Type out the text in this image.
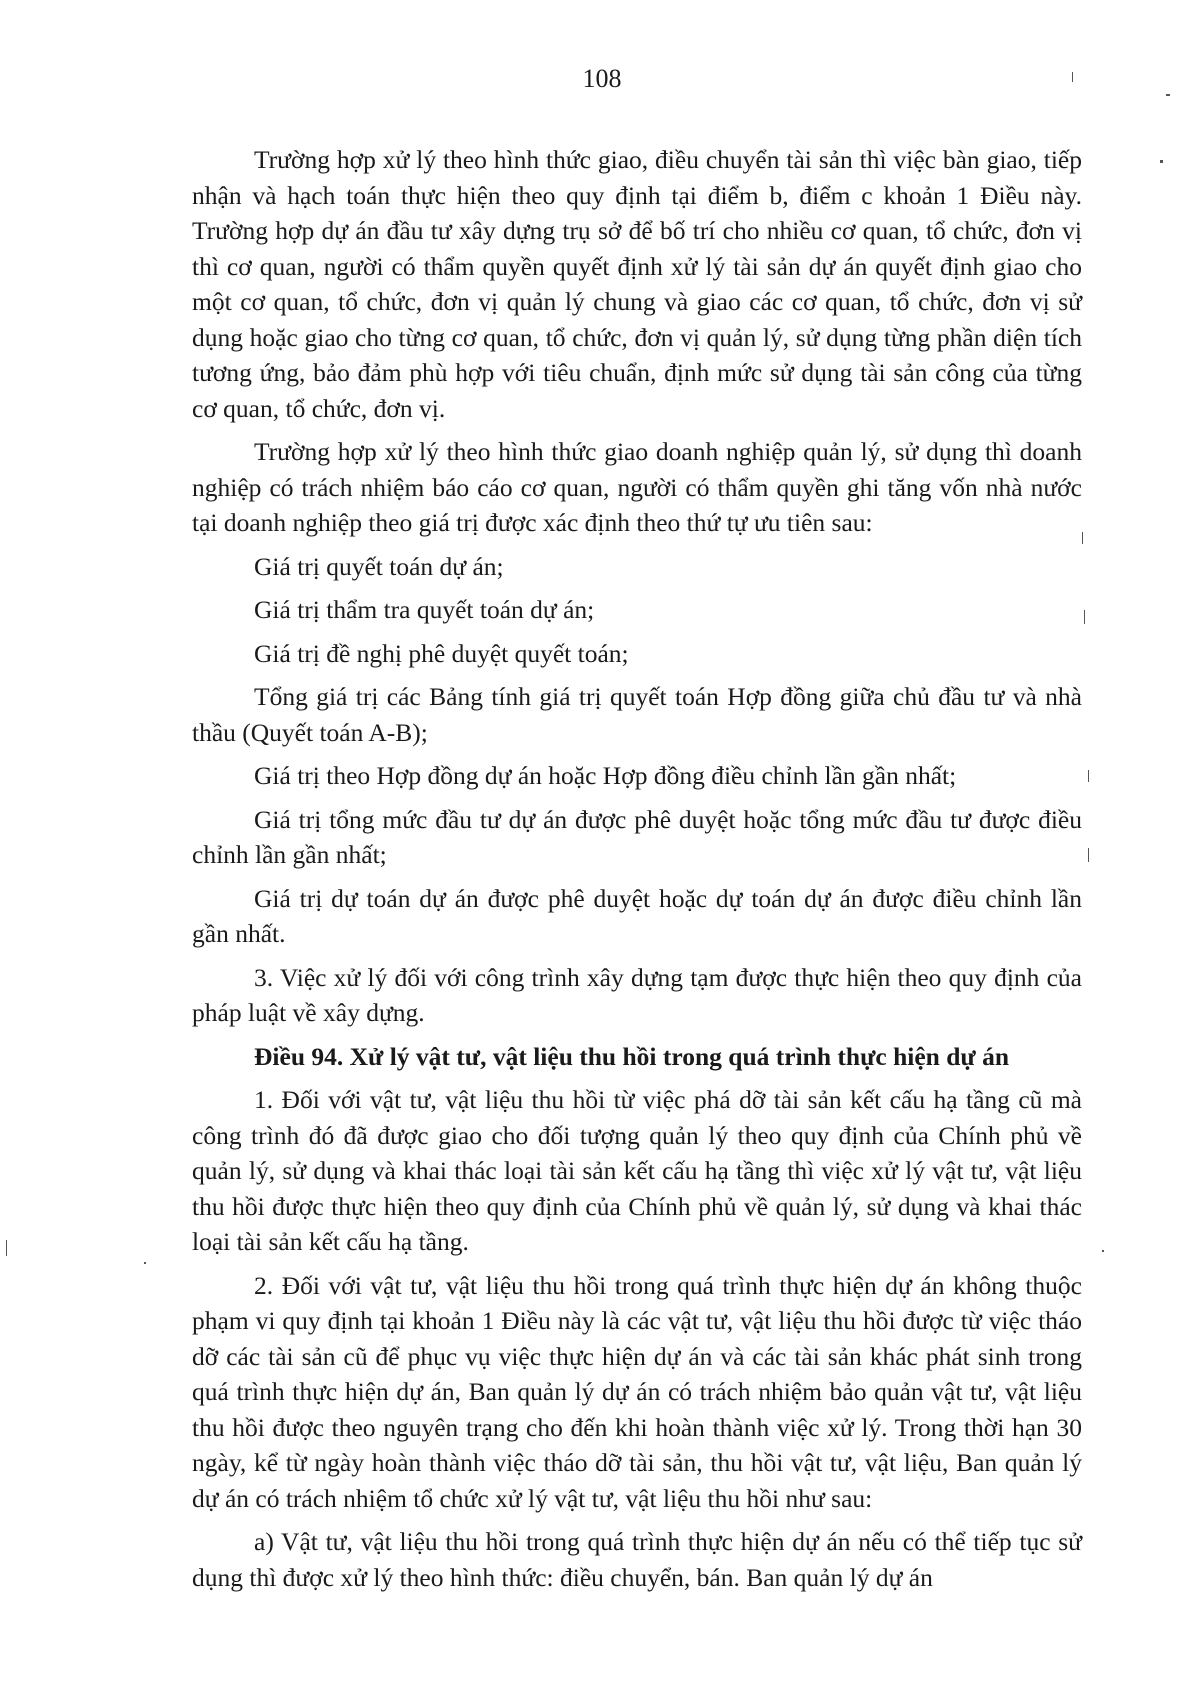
108

Trường hợp xử lý theo hình thức giao, điều chuyển tài sản thì việc bàn giao, tiếp nhận và hạch toán thực hiện theo quy định tại điểm b, điểm c khoản 1 Điều này. Trường hợp dự án đầu tư xây dựng trụ sở để bố trí cho nhiều cơ quan, tổ chức, đơn vị thì cơ quan, người có thẩm quyền quyết định xử lý tài sản dự án quyết định giao cho một cơ quan, tổ chức, đơn vị quản lý chung và giao các cơ quan, tổ chức, đơn vị sử dụng hoặc giao cho từng cơ quan, tổ chức, đơn vị quản lý, sử dụng từng phần diện tích tương ứng, bảo đảm phù hợp với tiêu chuẩn, định mức sử dụng tài sản công của từng cơ quan, tổ chức, đơn vị.

Trường hợp xử lý theo hình thức giao doanh nghiệp quản lý, sử dụng thì doanh nghiệp có trách nhiệm báo cáo cơ quan, người có thẩm quyền ghi tăng vốn nhà nước tại doanh nghiệp theo giá trị được xác định theo thứ tự ưu tiên sau:

Giá trị quyết toán dự án;

Giá trị thẩm tra quyết toán dự án;

Giá trị đề nghị phê duyệt quyết toán;

Tổng giá trị các Bảng tính giá trị quyết toán Hợp đồng giữa chủ đầu tư và nhà thầu (Quyết toán A-B);

Giá trị theo Hợp đồng dự án hoặc Hợp đồng điều chỉnh lần gần nhất;

Giá trị tổng mức đầu tư dự án được phê duyệt hoặc tổng mức đầu tư được điều chỉnh lần gần nhất;

Giá trị dự toán dự án được phê duyệt hoặc dự toán dự án được điều chỉnh lần gần nhất.

3. Việc xử lý đối với công trình xây dựng tạm được thực hiện theo quy định của pháp luật về xây dựng.

Điều 94. Xử lý vật tư, vật liệu thu hồi trong quá trình thực hiện dự án

1. Đối với vật tư, vật liệu thu hồi từ việc phá dỡ tài sản kết cấu hạ tầng cũ mà công trình đó đã được giao cho đối tượng quản lý theo quy định của Chính phủ về quản lý, sử dụng và khai thác loại tài sản kết cấu hạ tầng thì việc xử lý vật tư, vật liệu thu hồi được thực hiện theo quy định của Chính phủ về quản lý, sử dụng và khai thác loại tài sản kết cấu hạ tầng.

2. Đối với vật tư, vật liệu thu hồi trong quá trình thực hiện dự án không thuộc phạm vi quy định tại khoản 1 Điều này là các vật tư, vật liệu thu hồi được từ việc tháo dỡ các tài sản cũ để phục vụ việc thực hiện dự án và các tài sản khác phát sinh trong quá trình thực hiện dự án, Ban quản lý dự án có trách nhiệm bảo quản vật tư, vật liệu thu hồi được theo nguyên trạng cho đến khi hoàn thành việc xử lý. Trong thời hạn 30 ngày, kể từ ngày hoàn thành việc tháo dỡ tài sản, thu hồi vật tư, vật liệu, Ban quản lý dự án có trách nhiệm tổ chức xử lý vật tư, vật liệu thu hồi như sau:

a) Vật tư, vật liệu thu hồi trong quá trình thực hiện dự án nếu có thể tiếp tục sử dụng thì được xử lý theo hình thức: điều chuyển, bán. Ban quản lý dự án
